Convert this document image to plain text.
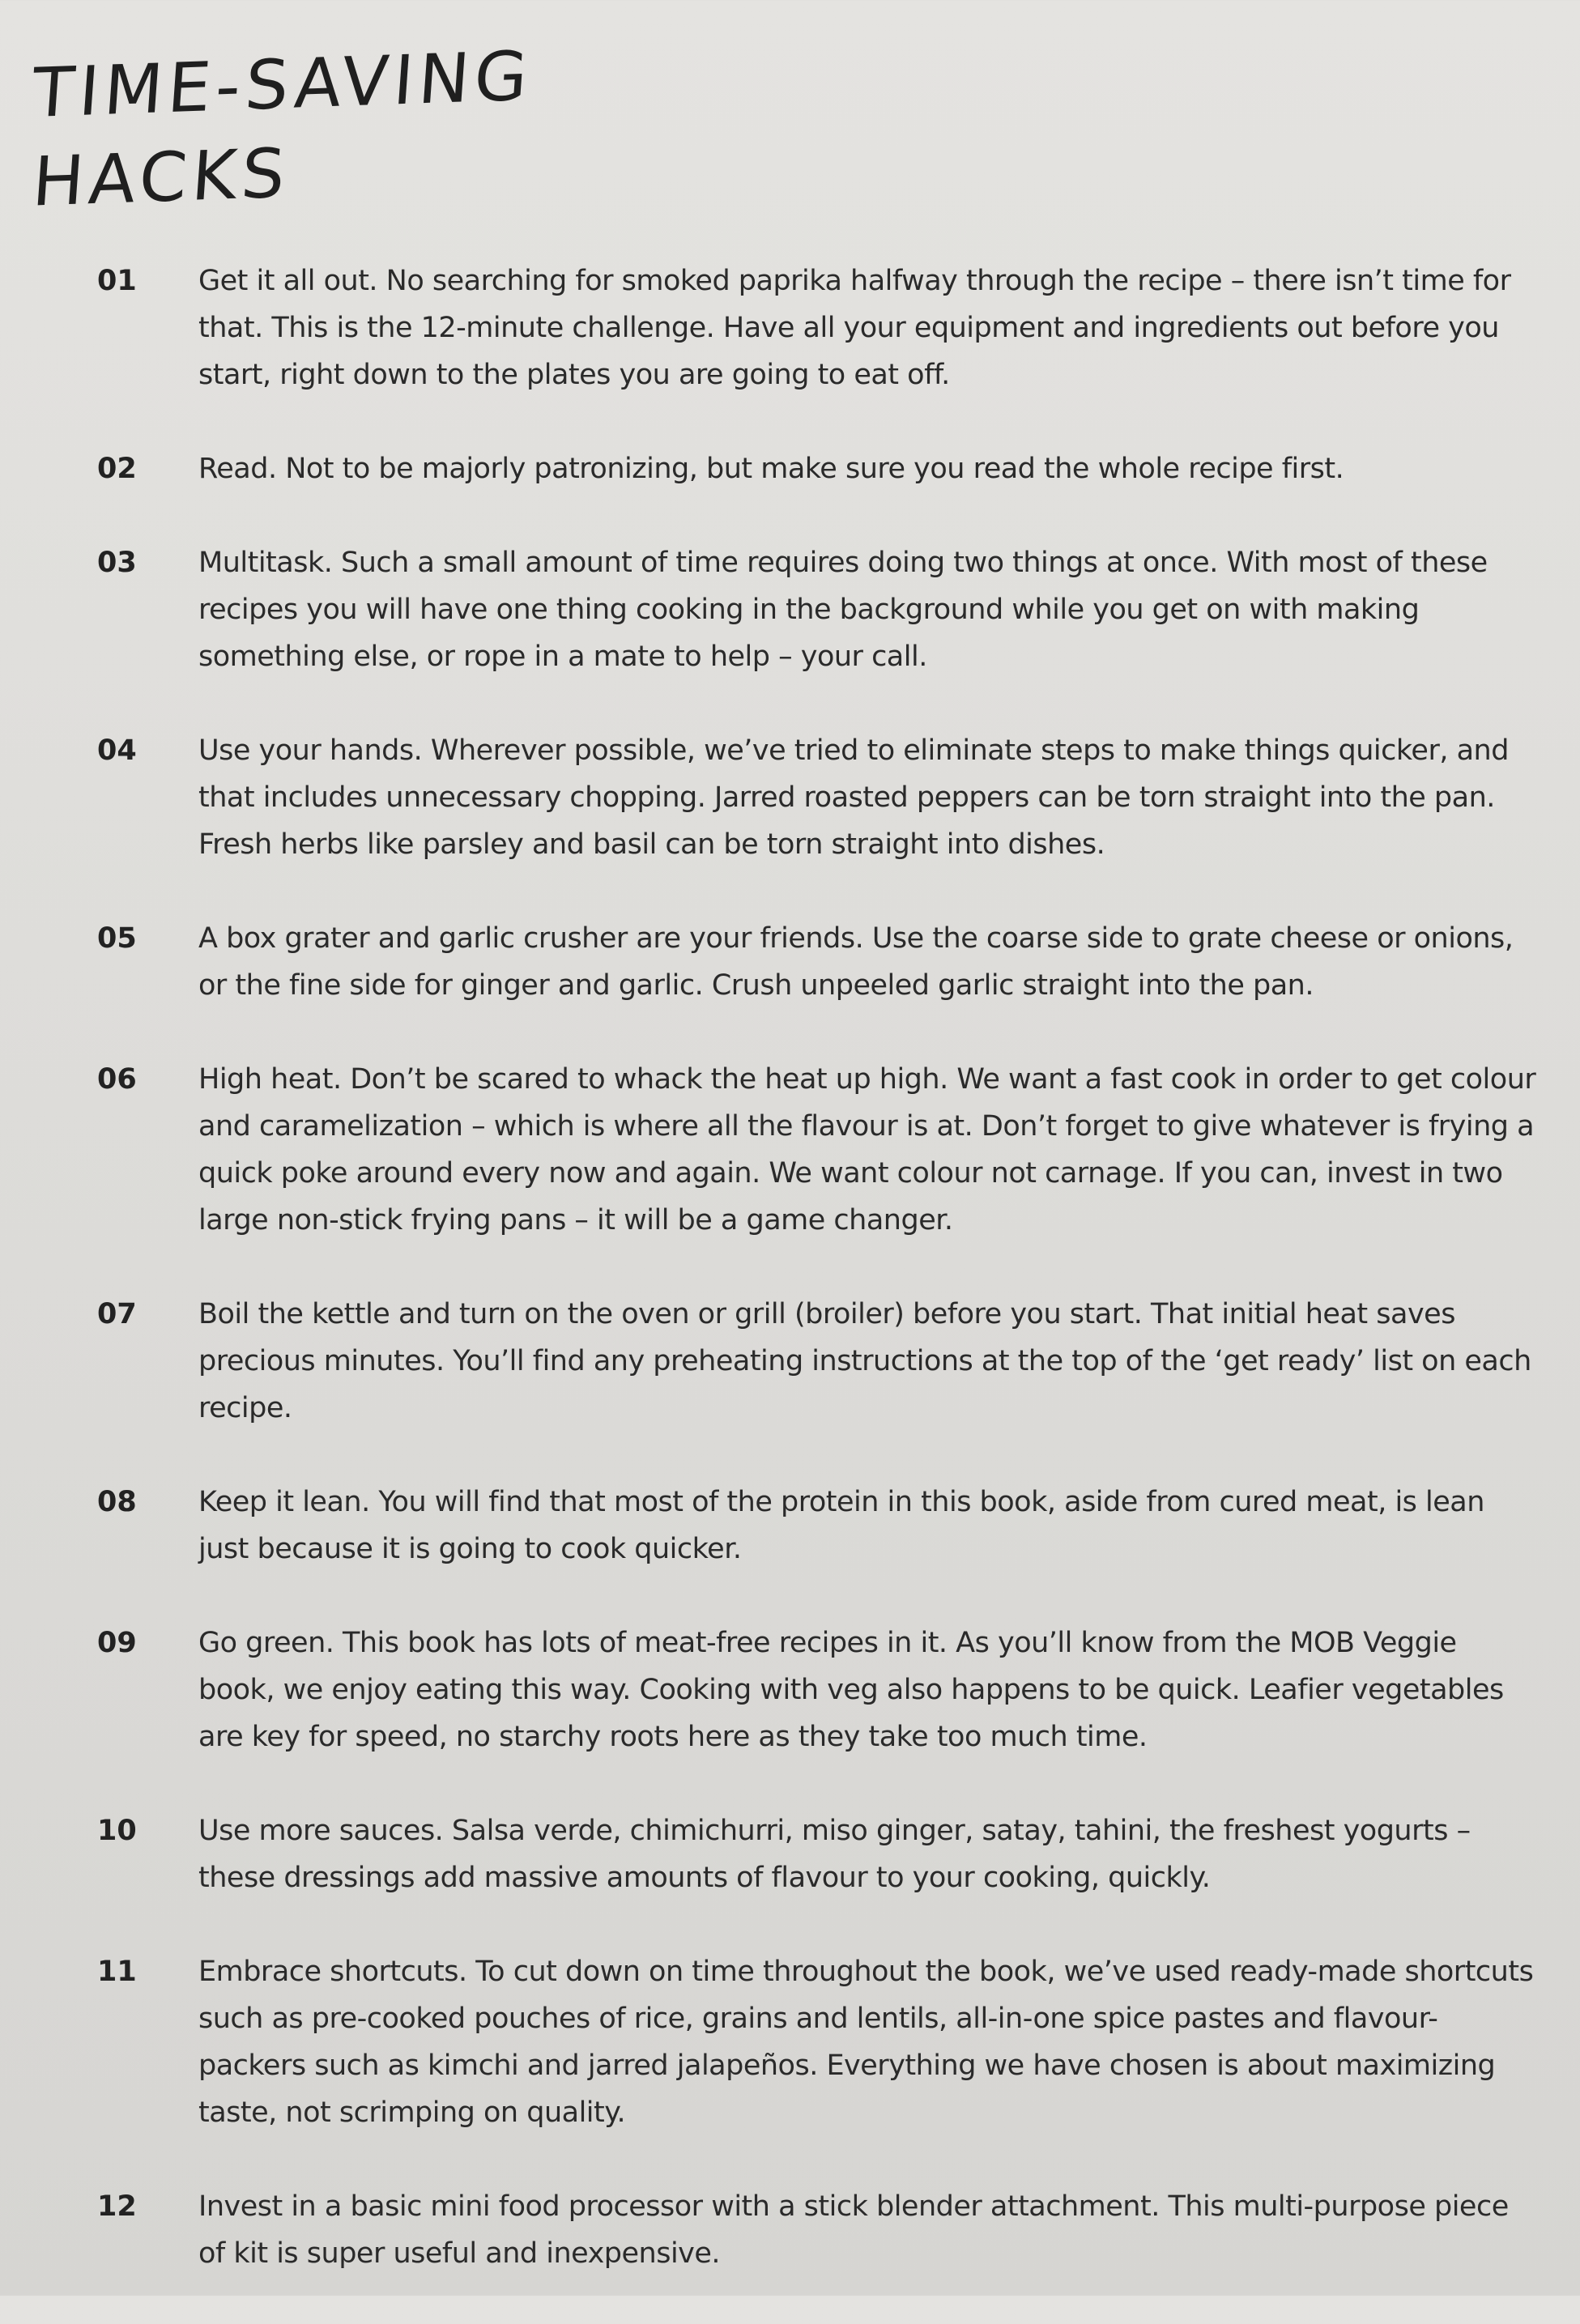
TIME-SAVING
HACKS
01	Get it all out. No searching for smoked paprika halfway through the recipe – there isn’t time for that. This is the 12-minute challenge. Have all your equipment and ingredients out before you start, right down to the plates you are going to eat off.
02	Read. Not to be majorly patronizing, but make sure you read the whole recipe first.
03	Multitask. Such a small amount of time requires doing two things at once. With most of these recipes you will have one thing cooking in the background while you get on with making something else, or rope in a mate to help – your call.
04	Use your hands. Wherever possible, we’ve tried to eliminate steps to make things quicker, and that includes unnecessary chopping. Jarred roasted peppers can be torn straight into the pan. Fresh herbs like parsley and basil can be torn straight into dishes.
05	A box grater and garlic crusher are your friends. Use the coarse side to grate cheese or onions, or the fine side for ginger and garlic. Crush unpeeled garlic straight into the pan.
06	High heat. Don’t be scared to whack the heat up high. We want a fast cook in order to get colour and caramelization – which is where all the flavour is at. Don’t forget to give whatever is frying a quick poke around every now and again. We want colour not carnage. If you can, invest in two large non-stick frying pans – it will be a game changer.
07	Boil the kettle and turn on the oven or grill (broiler) before you start. That initial heat saves precious minutes. You’ll find any preheating instructions at the top of the ‘get ready’ list on each recipe.
08	Keep it lean. You will find that most of the protein in this book, aside from cured meat, is lean just because it is going to cook quicker.
09	Go green. This book has lots of meat-free recipes in it. As you’ll know from the MOB Veggie book, we enjoy eating this way. Cooking with veg also happens to be quick. Leafier vegetables are key for speed, no starchy roots here as they take too much time.
10	Use more sauces. Salsa verde, chimichurri, miso ginger, satay, tahini, the freshest yogurts – these dressings add massive amounts of flavour to your cooking, quickly.
11	Embrace shortcuts. To cut down on time throughout the book, we’ve used ready-made shortcuts such as pre-cooked pouches of rice, grains and lentils, all-in-one spice pastes and flavour-packers such as kimchi and jarred jalapeños. Everything we have chosen is about maximizing taste, not scrimping on quality.
12	Invest in a basic mini food processor with a stick blender attachment. This multi-purpose piece of kit is super useful and inexpensive.
